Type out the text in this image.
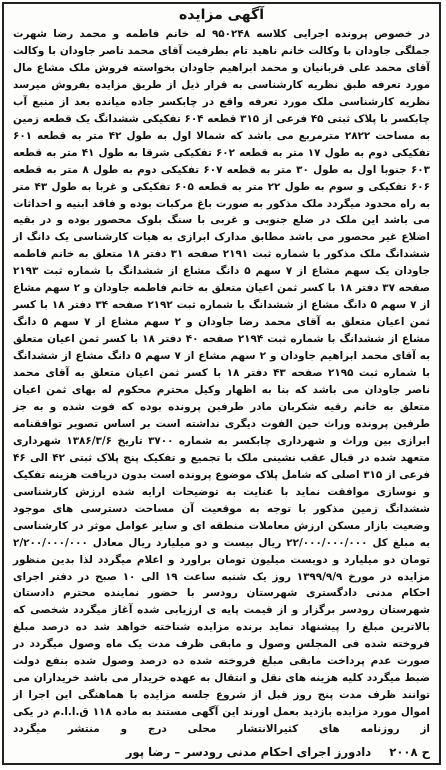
آگهی مزایده
در خصوص پرونده اجرایی کلاسه ۹۵۰۲۴۸ له خانم فاطمه و محمد رضا شهرت جملگی جاودان با وکالت خانم ناهید تام بطرفیت آقای محمد ناصر جاودان با وکالت آقای محمد علی قربانیان و محمد ابراهیم جاودان بخواسته فروش ملک مشاع مال مورد تعرفه طبق نظریه کارشناسی به قرار ذیل از طریق مزایده بفروش میرسد نظریه کارشناسی ملک مورد تعرفه واقع در چابکسر جاده میانده بعد از منبع آب چابکسر با پلاک ثبتی ۴۵ فرعی از ۳۱۵ قطعه ۶۰۴ تفکیکی ششدانگ یک قطعه زمین به مساحت ۲۸۲۲ مترمربع می باشد که شمالا اول به طول ۴۲ متر به قطعه ۶۰۱ تفکیکی دوم به طول ۱۷ متر به قطعه ۶۰۲ تفکیکی شرقا به طول ۴۱ متر به قطعه ۶۰۳ جنوبا اول به طول ۳۰ متر به قطعه ۶۰۷ تفکیکی دوم به طول ۸ متر به قطعه ۶۰۶ تفکیکی و سوم به طول ۲۲ متر به قطعه ۶۰۵ تفکیکی و غربا به طول ۴۳ متر به راه محدود میگردد ملک مذکور به صورت باغ مرکبات بوده و فاقد ابنیه و احداثات می باشد این ملک در ضلع جنوبی و غربی با سنگ بلوک محصور بوده و در بقیه اضلاع غیر محصور می باشد مطابق مدارک ابرازی به هیات کارشناسی یک دانگ از ششدانگ ملک مذکور با شماره ثبت ۲۱۹۱ صفحه ۳۱ دفتر ۱۸ متعلق به خانم فاطمه جاودان یک سهم مشاع از ۷ سهم ۵ دانگ مشاع از ششدانگ با شماره ثبت ۲۱۹۳ صفحه ۳۷ دفتر ۱۸ با کسر ثمن اعیان متعلق به خانم فاطمه جاودان و ۲ سهم مشاع از ۷ سهم ۵ دانگ مشاع از ششدانگ با شماره ثبت ۲۱۹۲ صفحه ۳۴ دفتر ۱۸ با کسر ثمن اعیان متعلق به آقای محمد رضا جاودان و ۲ سهم مشاع از ۷ سهم ۵ دانگ مشاع از ششدانگ با شماره ثبت ۲۱۹۴ صفحه ۴۰ دفتر ۱۸ با کسر ثمن اعیان متعلق به آقای محمد ابراهیم جاودان و ۲ سهم مشاع از ۷ سهم ۵ دانگ مشاع از ششدانگ با شماره ثبت ۲۱۹۵ صفحه ۴۳ دفتر ۱۸ با کسر ثمن اعیان متعلق به آقای محمد ناصر جاودان می باشد که بنا به اظهار وکیل محترم محکوم له بهای ثمن اعیان متعلق به خانم رقیه شکربان مادر طرفین پرونده بوده که فوت شده و به جز طرفین پرونده وراث حین الفوت دیگری نداشته است بر اساس تصویر توافقنامه ابرازی بین وراث و شهرداری چابکسر به شماره ۳۷۰۰ تاریخ ۱۳۸۶/۳/۶ شهرداری متعهد شده در قبال عقب نشینی ملک با تجمیع و تفکیک پنج پلاک ثبتی ۴۲ الی ۴۶ فرعی از ۳۱۵ اصلی که شامل پلاک موضوع پرونده است بدون دریافت هزینه تفکیک و نوسازی موافقت نماید با عنایت به توضیحات ارایه شده ارزش کارشناسی ششدانگ زمین مذکور با توجه به موقعیت آن مساحت دسترسی های موجود وضعیت بازار مسکن ارزش معاملات منطقه ای و سایر عوامل موثر در کارشناسی به مبلغ کل ۲۲/۰۰۰/۰۰۰/۰۰۰ ریال بیست و دو میلیارد ریال معادل ۲/۲۰۰/۰۰۰/۰۰۰ تومان دو میلیارد و دویست میلیون تومان براورد و اعلام میگردد لذا بدین منظور مزایده در مورخ ۱۳۹۹/۹/۹ روز یک شنبه ساعت ۱۹ الی ۱۰ صبح در دفتر اجرای احکام مدنی دادگستری شهرستان رودسر با حضور نماینده محترم دادستان شهرستان رودسر برگزار و از قیمت پایه ی ارزیابی شده آغاز میگردد شخصی که بالاترین مبلغ را پیشنهاد نماید برنده مزایده شناخته خواهد شد ده درصد مبلغ فروخته شده فی المجلس وصول و مابقی ظرف مدت یک ماه وصول میگردد در صورت عدم پرداخت مابقی مبلغ فروخته شده ده درصد وصول شده بنفع دولت ضبط میگردد کلیه هزینه های نقل و انتقال به عهده خریدار می باشد خریداران می توانند ظرف مدت پنج روز قبل از شروع جلسه مزایده با هماهنگی این اجرا از اموال مورد مزایده بازدید بعمل اورند این آگهی مستند به ماده ۱۱۸ ق.ا.ا.م در یکی از روزنامه های کثیرالانتشار محلی درج و منتشر میگردد
ح ۲۰۰۸ دادورز اجرای احکام مدنی رودسر – رضا پور
